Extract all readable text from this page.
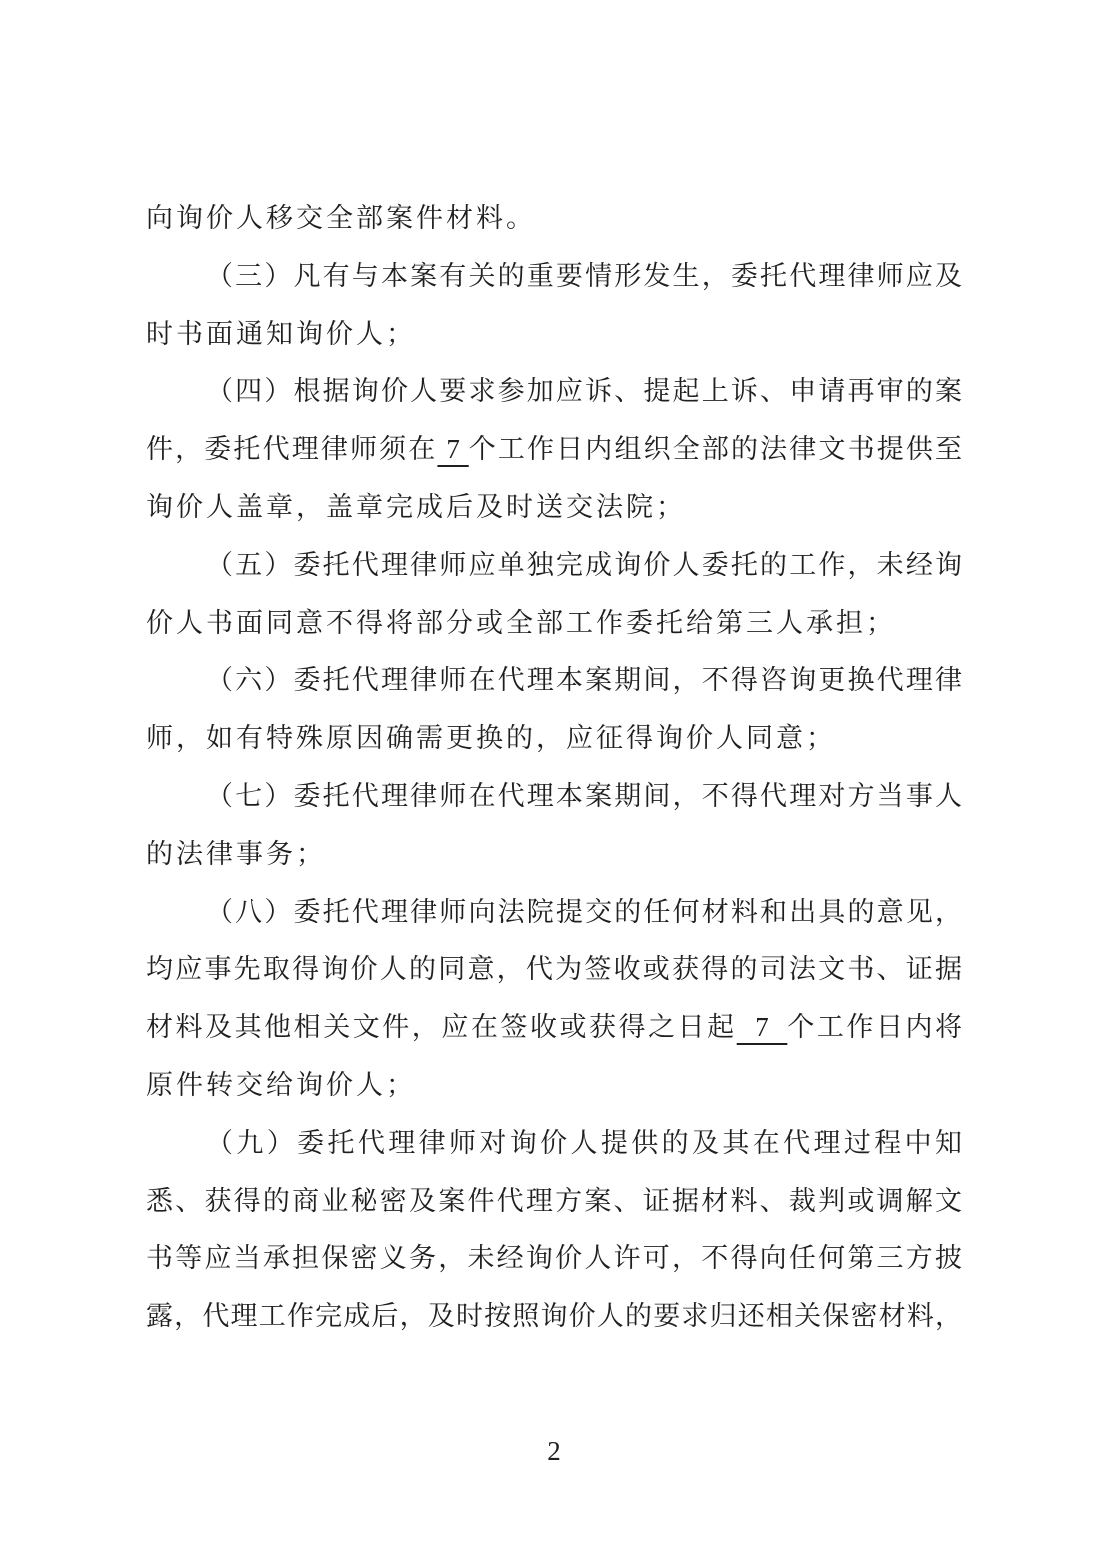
向询价人移交全部案件材料。
（三）凡有与本案有关的重要情形发生，委托代理律师应及
时书面通知询价人；
（四）根据询价人要求参加应诉、提起上诉、申请再审的案
件，委托代理律师须在 7 个工作日内组织全部的法律文书提供至
询价人盖章，盖章完成后及时送交法院；
（五）委托代理律师应单独完成询价人委托的工作，未经询
价人书面同意不得将部分或全部工作委托给第三人承担；
（六）委托代理律师在代理本案期间，不得咨询更换代理律
师，如有特殊原因确需更换的，应征得询价人同意；
（七）委托代理律师在代理本案期间，不得代理对方当事人
的法律事务；
（八）委托代理律师向法院提交的任何材料和出具的意见，
均应事先取得询价人的同意，代为签收或获得的司法文书、证据
材料及其他相关文件，应在签收或获得之日起  7  个工作日内将
原件转交给询价人；
（九）委托代理律师对询价人提供的及其在代理过程中知
悉、获得的商业秘密及案件代理方案、证据材料、裁判或调解文
书等应当承担保密义务，未经询价人许可，不得向任何第三方披
露，代理工作完成后，及时按照询价人的要求归还相关保密材料，
2
